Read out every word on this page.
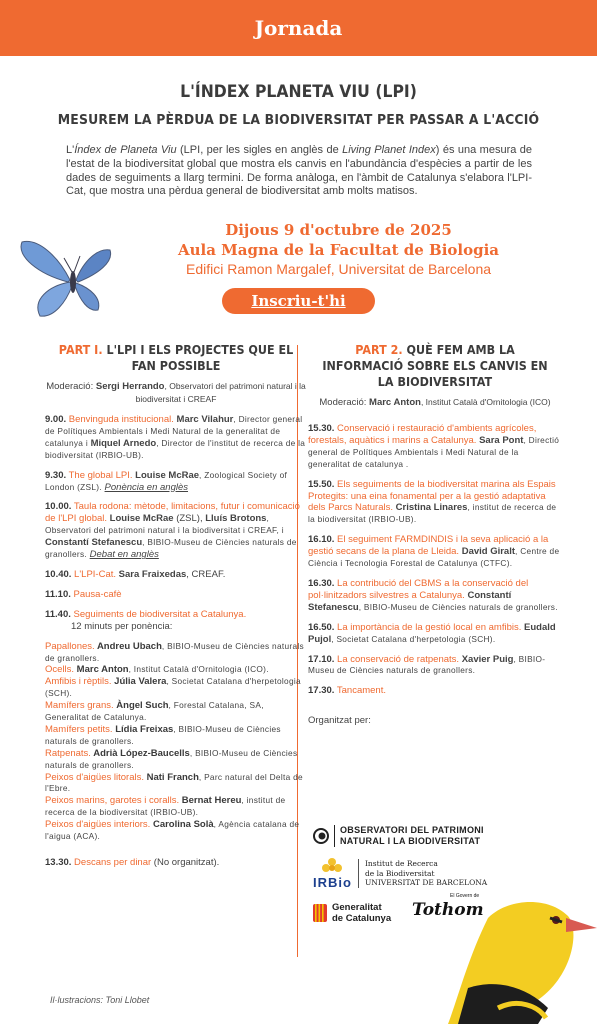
Jornada
L'ÍNDEX PLANETA VIU (LPI)
MESUREM LA PÈRDUA DE LA BIODIVERSITAT PER PASSAR A L'ACCIÓ
L'Índex de Planeta Viu (LPI, per les sigles en anglès de Living Planet Index) és una mesura de l'estat de la biodiversitat global que mostra els canvis en l'abundància d'espècies a partir de les dades de seguiments a llarg termini. De forma anàloga, en l'àmbit de Catalunya s'elabora l'LPI-Cat, que mostra una pèrdua general de biodiversitat amb molts matisos.
Dijous 9 d'octubre de 2025
Aula Magna de la Facultat de Biologia
Edifici Ramon Margalef, Universitat de Barcelona
Inscriu-t'hi
PART I. L'LPI I ELS PROJECTES QUE EL FAN POSSIBLE
Moderació: Sergi Herrando, Observatori del patrimoni natural i la biodiversitat i CREAF
9.00. Benvinguda institucional. Marc Vilahur, Director general de Polítiques Ambientals i Medi Natural de la generalitat de catalunya i Miquel Arnedo, Director de l'institut de recerca de la biodiversitat (IRBIO-UB).
9.30. The global LPI. Louise McRae, Zoological Society of London (ZSL). Ponència en anglès
10.00. Taula rodona: mètode, limitacions, futur i comunicació de l'LPI global. Louise McRae (ZSL), Lluís Brotons, Observatori del patrimoni natural i la biodiversitat i CREAF, i Constantí Stefanescu, BIBIO-Museu de Ciències naturals de granollers. Debat en anglès
10.40. L'LPI-Cat. Sara Fraixedas, CREAF.
11.10. Pausa-cafè
11.40. Seguiments de biodiversitat a Catalunya.
12 minuts per ponència:
Papallones. Andreu Ubach, BIBIO-Museu de Ciències naturals de granollers.
Ocells. Marc Anton, Institut Català d'Ornitologia (ICO).
Amfibis i rèptils. Júlia Valera, Societat Catalana d'herpetologia (SCH).
Mamífers grans. Àngel Such, Forestal Catalana, SA, Generalitat de Catalunya.
Mamífers petits. Lídia Freixas, BIBIO-Museu de Ciències naturals de granollers.
Ratpenats. Adrià López-Baucells, BIBIO-Museu de Ciències naturals de granollers.
Peixos d'aigües litorals. Nati Franch, Parc natural del Delta de l'Ebre.
Peixos marins, garotes i coralls. Bernat Hereu, institut de recerca de la biodiversitat (IRBIO-UB).
Peixos d'aigües interiors. Carolina Solà, Agència catalana de l'aigua (ACA).
13.30. Descans per dinar (No organitzat).
PART 2. QUÈ FEM AMB LA INFORMACIÓ SOBRE ELS CANVIS EN LA BIODIVERSITAT
Moderació: Marc Anton, Institut Català d'Ornitologia (ICO)
15.30. Conservació i restauració d'ambients agrícoles, forestals, aquàtics i marins a Catalunya. Sara Pont, Directió general de Polítiques Ambientals i Medi Natural de la generalitat de catalunya .
15.50. Els seguiments de la biodiversitat marina als Espais Protegits: una eina fonamental per a la gestió adaptativa dels Parcs Naturals. Cristina Linares, institut de recerca de la biodiversitat (IRBIO-UB).
16.10. El seguiment FARMDINDIS i la seva aplicació a la gestió secans de la plana de Lleida. David Giralt, Centre de Ciència i Tecnologia Forestal de Catalunya (CTFC).
16.30. La contribució del CBMS a la conservació del pol·linitzadors silvestres a Catalunya. Constantí Stefanescu, BIBIO-Museu de Ciències naturals de granollers.
16.50. La importància de la gestió local en amfibis. Eudald Pujol, Societat Catalana d'herpetologia (SCH).
17.10. La conservació de ratpenats. Xavier Puig, BIBIO-Museu de Ciències naturals de granollers.
17.30. Tancament.
Organitzat per:
OBSERVATORI DEL PATRIMONI
NATURAL I LA BIODIVERSITAT
IRBio
Institut de Recerca
de la Biodiversitat
UNIVERSITAT DE BARCELONA
Generalitat
de Catalunya
El Govern de
Tothom
Il·lustracions: Toni Llobet
